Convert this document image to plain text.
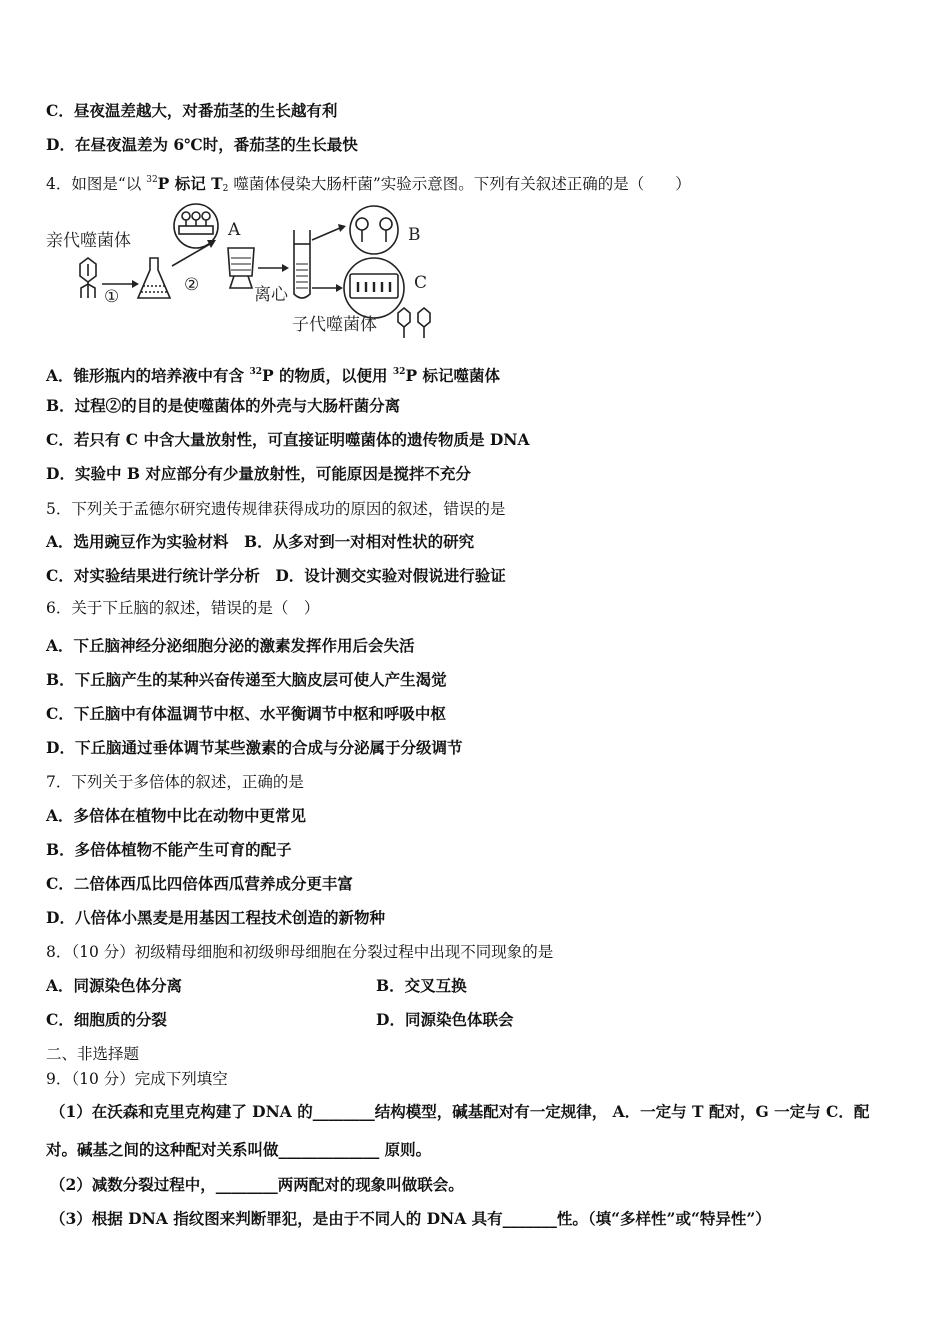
C．昼夜温差越大，对番茄茎的生长越有利
D．在昼夜温差为 6℃时，番茄茎的生长最快
4．如图是“以 $^{32}$P 标记 $T_2$ 噬菌体侵染大肠杆菌”实验示意图。下列有关叙述正确的是（　　）
亲代噬菌体
①
②
A
离心
B
C
子代噬菌体
A．锥形瓶内的培养液中有含 $^{32}$P 的物质，以便用 $^{32}$P 标记噬菌体
B．过程②的目的是使噬菌体的外壳与大肠杆菌分离
C．若只有 C 中含大量放射性，可直接证明噬菌体的遗传物质是 DNA
D．实验中 B 对应部分有少量放射性，可能原因是搅拌不充分
5．下列关于孟德尔研究遗传规律获得成功的原因的叙述，错误的是
A．选用豌豆作为实验材料　B．从多对到一对相对性状的研究
C．对实验结果进行统计学分析　D．设计测交实验对假说进行验证
6．关于下丘脑的叙述，错误的是（　）
A．下丘脑神经分泌细胞分泌的激素发挥作用后会失活
B．下丘脑产生的某种兴奋传递至大脑皮层可使人产生渴觉
C．下丘脑中有体温调节中枢、水平衡调节中枢和呼吸中枢
D．下丘脑通过垂体调节某些激素的合成与分泌属于分级调节
7．下列关于多倍体的叙述，正确的是
A．多倍体在植物中比在动物中更常见
B．多倍体植物不能产生可育的配子
C．二倍体西瓜比四倍体西瓜营养成分更丰富
D．八倍体小黑麦是用基因工程技术创造的新物种
8．（10 分）初级精母细胞和初级卵母细胞在分裂过程中出现不同现象的是
A．同源染色体分离	B．交叉互换
C．细胞质的分裂	D．同源染色体联会
二、非选择题
9．（10 分）完成下列填空
（1）在沃森和克里克构建了 DNA 的________结构模型，碱基配对有一定规律， A．一定与 T 配对，G 一定与 C．配
对。碱基之间的这种配对关系叫做_____________ 原则。
（2）减数分裂过程中，________两两配对的现象叫做联会。
（3）根据 DNA 指纹图来判断罪犯，是由于不同人的 DNA 具有_______性。（填“多样性”或“特异性”）
